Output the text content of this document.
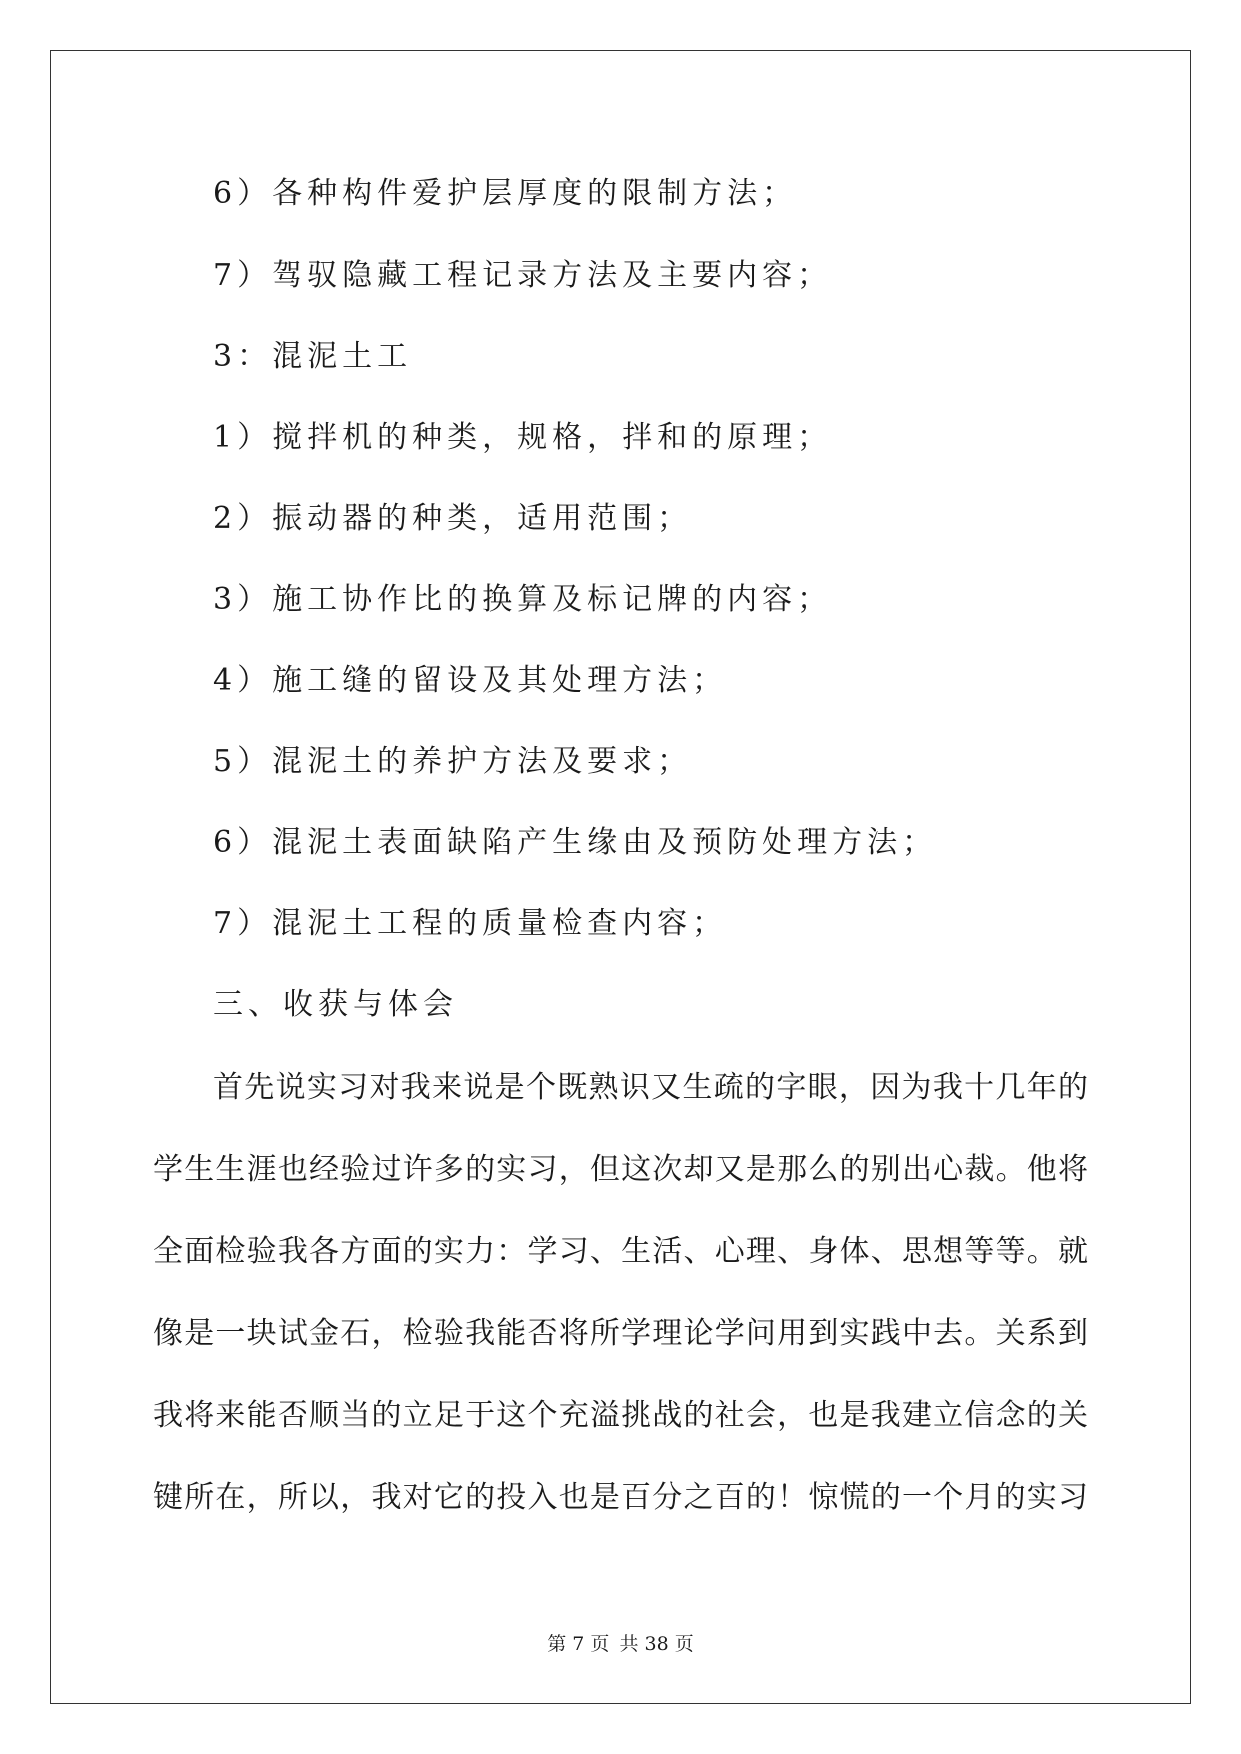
6）各种构件爱护层厚度的限制方法；
7）驾驭隐藏工程记录方法及主要内容；
3：混泥土工
1）搅拌机的种类，规格，拌和的原理；
2）振动器的种类，适用范围；
3）施工协作比的换算及标记牌的内容；
4）施工缝的留设及其处理方法；
5）混泥土的养护方法及要求；
6）混泥土表面缺陷产生缘由及预防处理方法；
7）混泥土工程的质量检查内容；
三、收获与体会
首先说实习对我来说是个既熟识又生疏的字眼，因为我十几年的
学生生涯也经验过许多的实习，但这次却又是那么的别出心裁。他将
全面检验我各方面的实力：学习、生活、心理、身体、思想等等。就
像是一块试金石，检验我能否将所学理论学问用到实践中去。关系到
我将来能否顺当的立足于这个充溢挑战的社会，也是我建立信念的关
键所在，所以，我对它的投入也是百分之百的！惊慌的一个月的实习
第 7 页 共 38 页
